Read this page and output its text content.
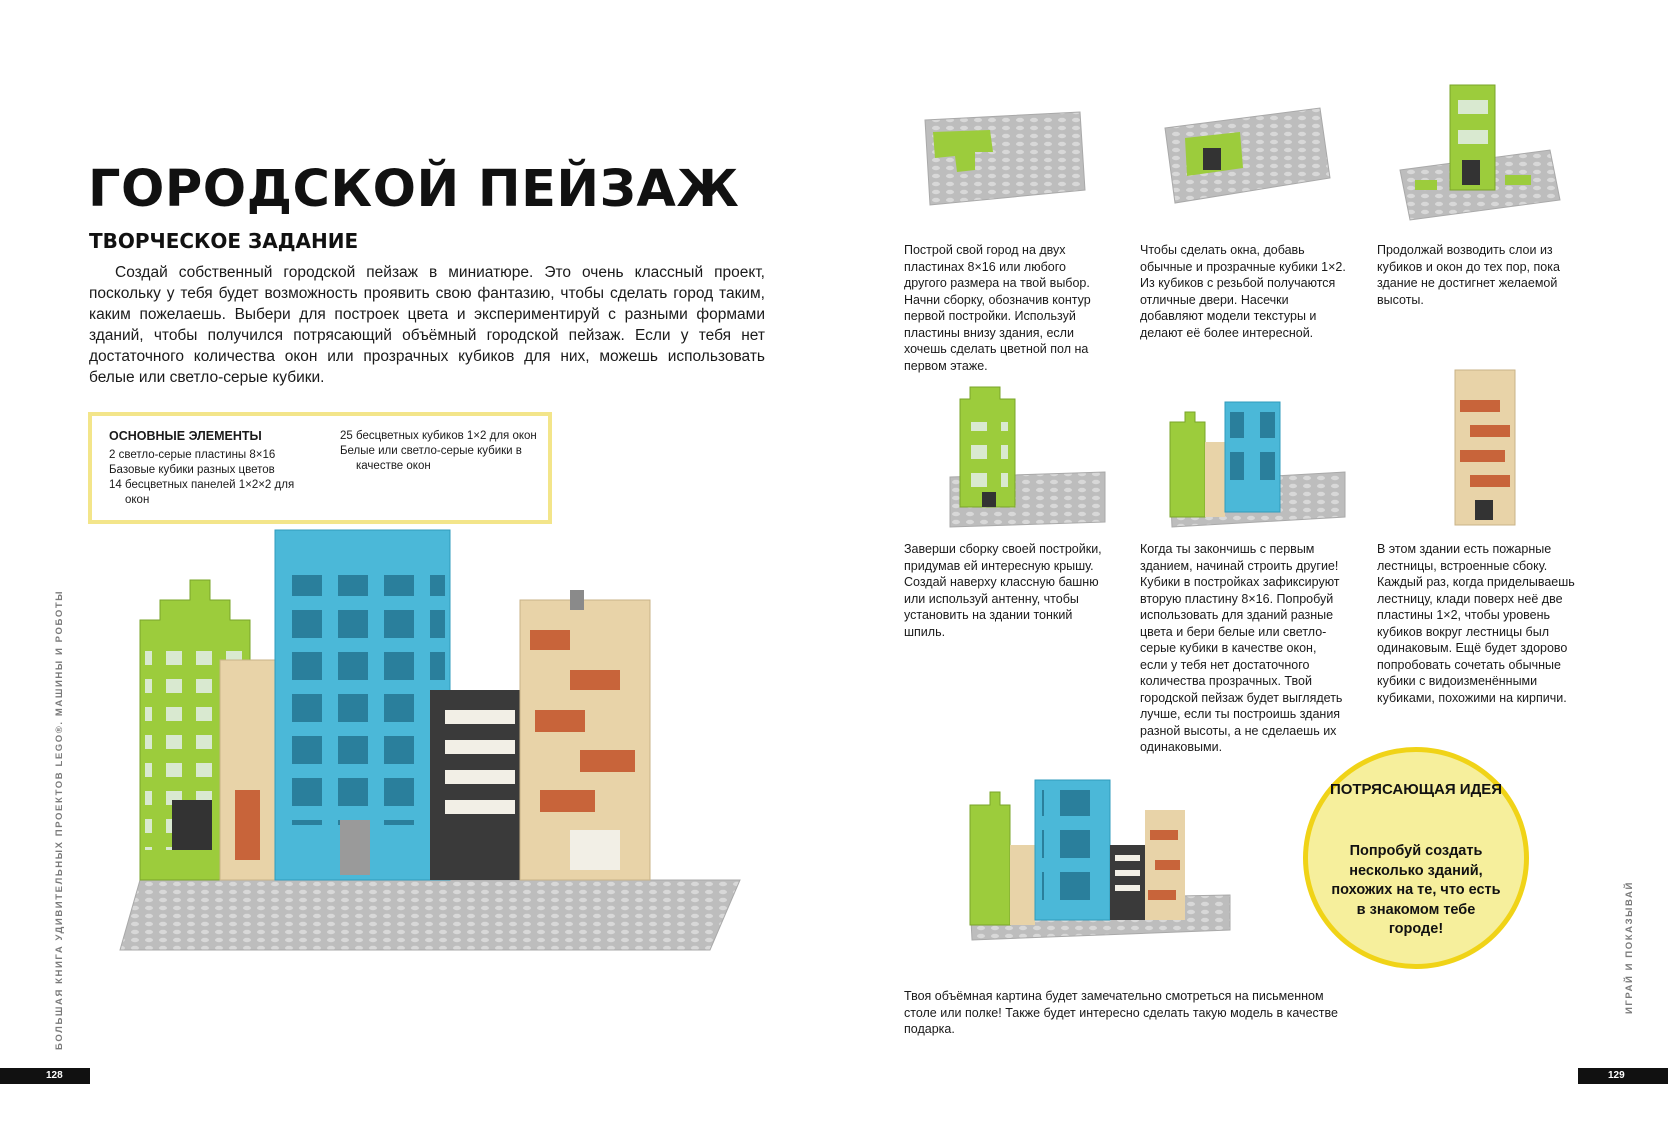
ГОРОДСКОЙ ПЕЙЗАЖ
ТВОРЧЕСКОЕ ЗАДАНИЕ

Создай собственный городской пейзаж в миниатюре. Это очень классный проект, поскольку у тебя будет возможность проявить свою фантазию, чтобы сделать город таким, каким пожелаешь. Выбери для построек цвета и экспериментируй с разными формами зданий, чтобы получился потрясающий объёмный городской пейзаж. Если у тебя нет достаточного количества окон или прозрачных кубиков для них, можешь использовать белые или светло-серые кубики.

ОСНОВНЫЕ ЭЛЕМЕНТЫ
2 светло-серые пластины 8×16
Базовые кубики разных цветов
14 бесцветных панелей 1×2×2 для окон
25 бесцветных кубиков 1×2 для окон
Белые или светло-серые кубики в качестве окон
БОЛЬШАЯ КНИГА УДИВИТЕЛЬНЫХ ПРОЕКТОВ LEGO®. МАШИНЫ И РОБОТЫ
128
Построй свой город на двух пластинах 8×16 или любого другого размера на твой выбор. Начни сборку, обозначив контур первой постройки. Используй пластины внизу здания, если хочешь сделать цветной пол на первом этаже.
Чтобы сделать окна, добавь обычные и прозрачные кубики 1×2. Из кубиков с резьбой получаются отличные двери. Насечки добавляют модели текстуры и делают её более интересной.
Продолжай возводить слои из кубиков и окон до тех пор, пока здание не достигнет желаемой высоты.
Заверши сборку своей постройки, придумав ей интересную крышу. Создай наверху классную башню или используй антенну, чтобы установить на здании тонкий шпиль.
Когда ты закончишь с первым зданием, начинай строить другие! Кубики в постройках зафиксируют вторую пластину 8×16. Попробуй использовать для зданий разные цвета и бери белые или светло-серые кубики в качестве окон, если у тебя нет достаточного количества прозрачных. Твой городской пейзаж будет выглядеть лучше, если ты построишь здания разной высоты, а не сделаешь их одинаковыми.
В этом здании есть пожарные лестницы, встроенные сбоку. Каждый раз, когда приделываешь лестницу, клади поверх неё две пластины 1×2, чтобы уровень кубиков вокруг лестницы был одинаковым. Ещё будет здорово попробовать сочетать обычные кубики с видоизменёнными кубиками, похожими на кирпичи.
Твоя объёмная картина будет замечательно смотреться на письменном столе или полке! Также будет интересно сделать такую модель в качестве подарка.
ПОТРЯСАЮЩАЯ ИДЕЯ
Попробуй создать несколько зданий, похожих на те, что есть в знакомом тебе городе!	ИГРАЙ И ПОКАЗЫВАЙ
129
